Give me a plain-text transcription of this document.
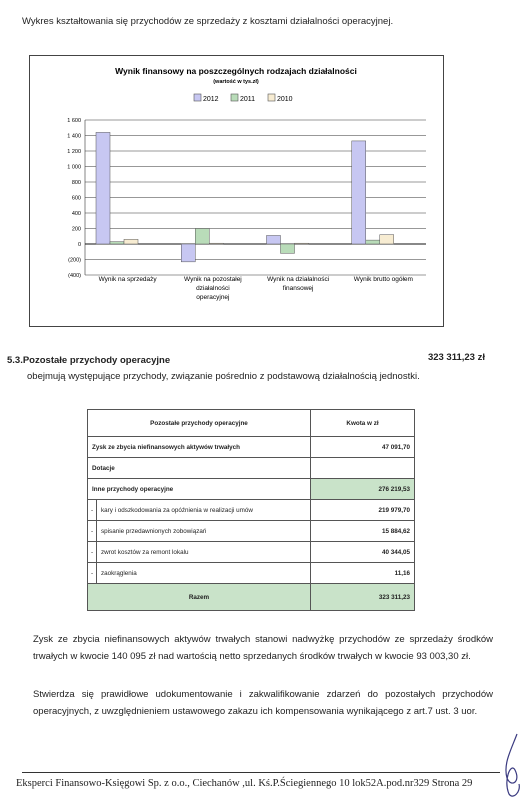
Wykres kształtowania się przychodów ze sprzedaży z kosztami działalności operacyjnej.
Wynik finansowy na poszczególnych rodzajach działalności
(wartość w tys.zł)
2012	2011	2010
(400)
(200)
0
200
400
600
800
1 000
1 200
1 400
1 600
Wynik na sprzedaży	Wynik na pozostałej
działalności
operacyjnej
Wynik na działalności
finansowej
Wynik brutto ogółem
5.3.Pozostałe przychody operacyjne	323 311,23 zł
obejmują występujące przychody, związanie pośrednio z podstawową działalnością jednostki.
Pozostałe przychody operacyjne		Kwota w zł
Zysk ze zbycia niefinansowych aktywów trwałych		47 091,70
Dotacje		
Inne przychody operacyjne		276 219,53
-	kary i odszkodowania za opóźnienia w realizacji umów	219 979,70
-	spisanie przedawnionych zobowiązań	15 884,62
-	zwrot kosztów za remont lokalu	40 344,05
-	zaokrąglenia	11,16
Razem		323 311,23
Zysk ze zbycia niefinansowych aktywów trwałych stanowi nadwyżkę przychodów ze sprzedaży środków trwałych w kwocie 140 095 zł nad wartością netto sprzedanych środków trwałych w kwocie 93 003,30 zł.
Stwierdza się prawidłowe udokumentowanie i zakwalifikowanie zdarzeń do pozostałych przychodów operacyjnych, z uwzględnieniem ustawowego zakazu ich kompensowania wynikającego z art.7 ust. 3 uor.
Eksperci Finansowo-Księgowi Sp. z o.o., Ciechanów ,ul. Kś.P.Ściegiennego 10 lok52A.pod.nr329 Strona 29
